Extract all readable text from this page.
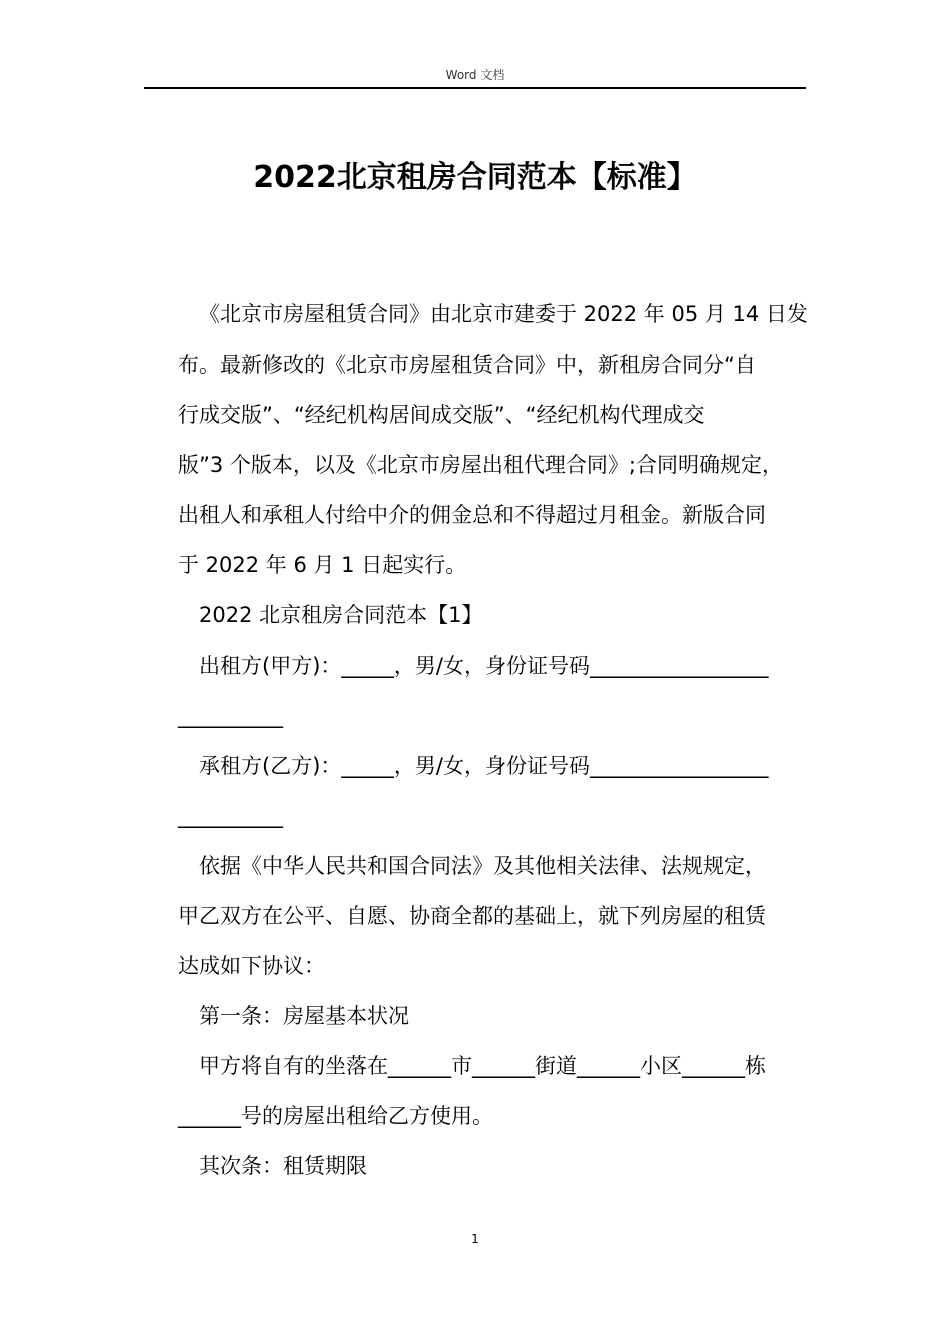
Word 文档
2022北京租房合同范本【标准】
《北京市房屋租赁合同》由北京市建委于 2022 年 05 月 14 日发
布。最新修改的《北京市房屋租赁合同》中，新租房合同分“自
行成交版”、“经纪机构居间成交版”、“经纪机构代理成交
版”3 个版本，以及《北京市房屋出租代理合同》;合同明确规定，
出租人和承租人付给中介的佣金总和不得超过月租金。新版合同
于 2022 年 6 月 1 日起实行。
2022 北京租房合同范本【1】
出租方(甲方)：_____，男/女，身份证号码_________________
__________
承租方(乙方)：_____，男/女，身份证号码_________________
__________
依据《中华人民共和国合同法》及其他相关法律、法规规定，
甲乙双方在公平、自愿、协商全都的基础上，就下列房屋的租赁
达成如下协议：
第一条：房屋基本状况
甲方将自有的坐落在______市______街道______小区______栋
______号的房屋出租给乙方使用。
其次条：租赁期限
1
